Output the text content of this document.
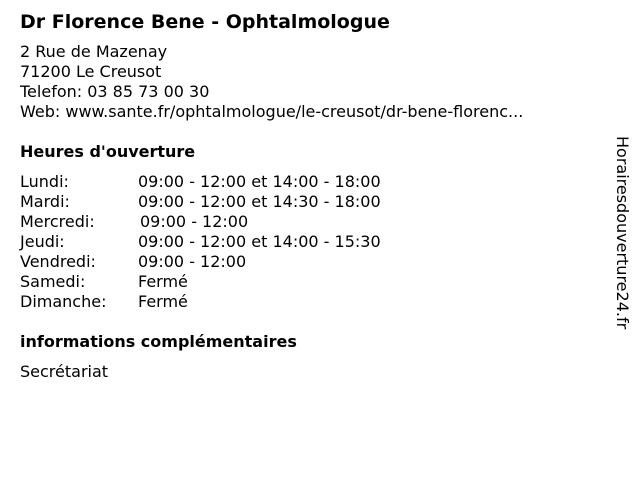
Dr Florence Bene - Ophtalmologue
2 Rue de Mazenay
71200 Le Creusot
Telefon: 03 85 73 00 30
Web: www.sante.fr/ophtalmologue/le-creusot/dr-bene-florenc...
Heures d'ouverture
Lundi:	09:00 - 12:00 et 14:00 - 18:00
Mardi:	09:00 - 12:00 et 14:30 - 18:00
Mercredi:	09:00 - 12:00
Jeudi:	09:00 - 12:00 et 14:00 - 15:30
Vendredi:	09:00 - 12:00
Samedi:	Fermé
Dimanche:	Fermé
informations complémentaires
Secrétariat
Horairesdouverture24.fr
